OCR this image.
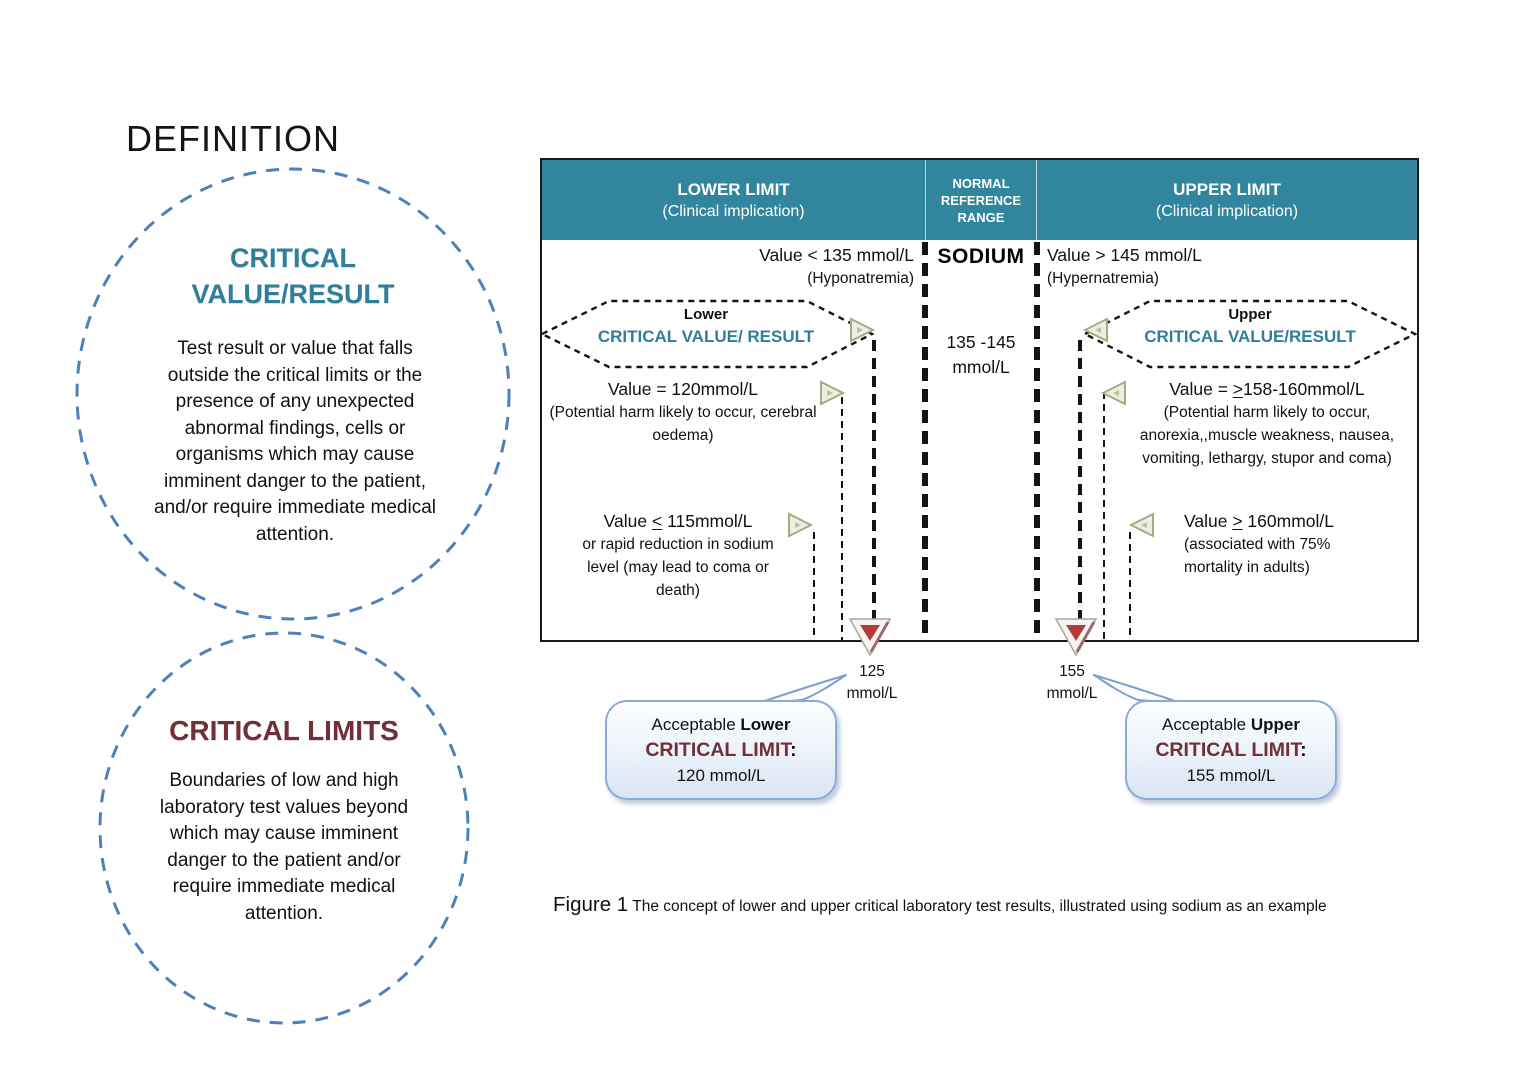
DEFINITION
CRITICAL
VALUE/RESULT
Test result or value that falls outside the critical limits or the presence of any unexpected abnormal findings, cells or organisms which may cause imminent danger to the patient, and/or require immediate medical attention.
CRITICAL LIMITS
Boundaries of low and high laboratory test values beyond which may cause imminent danger to the patient and/or require immediate medical attention.
LOWER LIMIT
(Clinical implication)
NORMAL
REFERENCE
RANGE
UPPER LIMIT
(Clinical implication)
Value < 135 mmol/L
(Hyponatremia)
SODIUM	Value > 145 mmol/L
(Hypernatremia)
135 -145
mmol/L
Lower
CRITICAL VALUE/ RESULT
Upper
CRITICAL VALUE/RESULT
Value = 120mmol/L
(Potential harm likely to occur, cerebral oedema)
Value < 115mmol/L
or rapid reduction in sodium level (may lead to coma or death)
Value = >158-160mmol/L
(Potential harm likely to occur, anorexia,,muscle weakness, nausea, vomiting, lethargy, stupor and coma)
Value > 160mmol/L
(associated with 75% mortality in adults)
125
mmol/L
155
mmol/L
Acceptable Lower
CRITICAL LIMIT:
120 mmol/L
Acceptable Upper
CRITICAL LIMIT:
155 mmol/L
Figure 1 The concept of lower and upper critical laboratory test results, illustrated using sodium as an example
